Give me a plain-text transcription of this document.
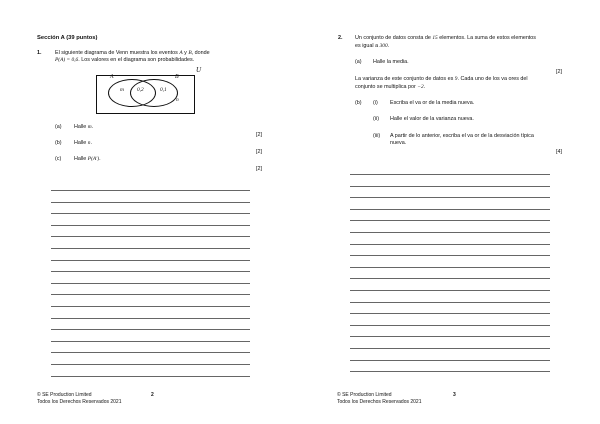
Sección A (39 puntos)
1.	El siguiente diagrama de Venn muestra los eventos A y B, donde
P(A) = 0,6. Los valores en el diagrama son probabilidades.
U
A	B
m 0,2	0,1
n
(a) Halle m.
[2]
(b) Halle n.
[2]
(c) Halle P(A′).
[2]
© SE Production Limited
Todos los Derechos Reservados 2021
2
2. Un conjunto de datos consta de 15 elementos. La suma de estos elementos
es igual a 300.
(a) Halle la media.
[2]
La varianza de este conjunto de datos es 9. Cada uno de los va ores del
conjunto se multiplica por −2.
(b) (i) Escriba el va or de la media nueva.
(ii) Halle el valor de la varianza nueva.
(iii) A partir de lo anterior, escriba el va or de la desviación típica nueva.
[4]
© SE Production Limited
Todos los Derechos Reservados 2021
3
